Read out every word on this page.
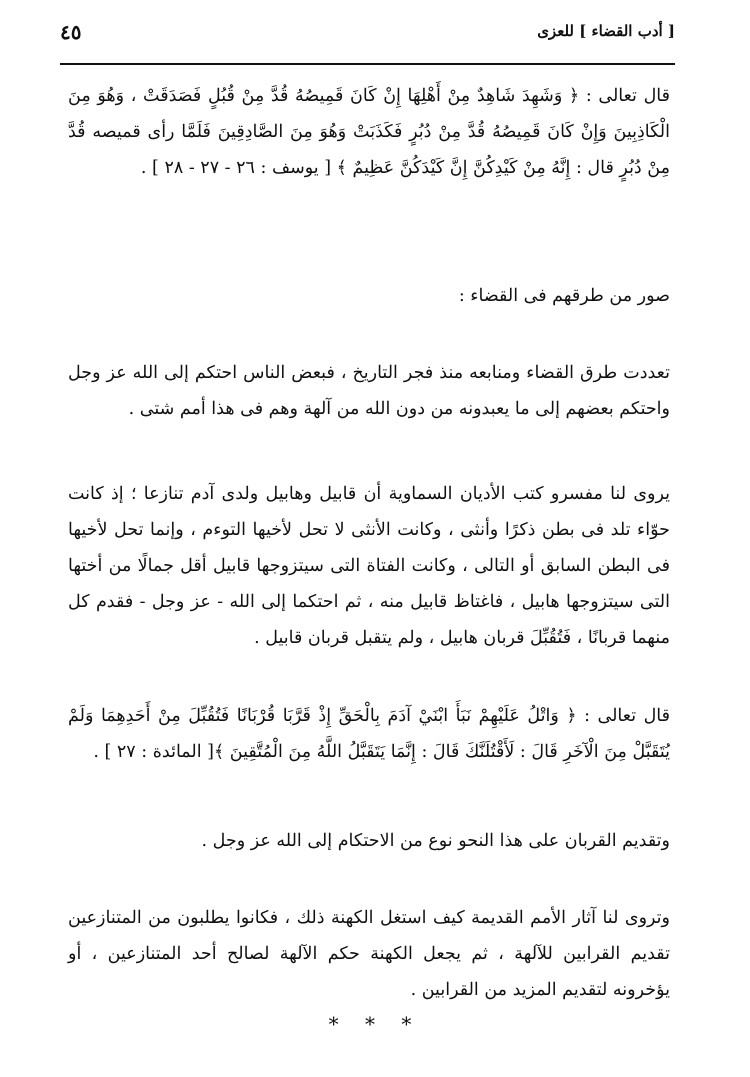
٤٥	[ أدب القضاء ] للعزى
قال تعالى : ﴿ وَشَهِدَ شَاهِدٌ مِنْ أَهْلِهَا إِنْ كَانَ قَمِيصُهُ قُدَّ مِنْ قُبُلٍ فَصَدَقَتْ ، وَهُوَ مِنَ الْكَاذِبِينَ وَإِنْ كَانَ قَمِيصُهُ قُدَّ مِنْ دُبُرٍ فَكَذَبَتْ وَهُوَ مِنَ الصَّادِقِينَ فَلَمَّا رأى قميصه قُدَّ مِنْ دُبُرٍ قال : إِنَّهُ مِنْ كَيْدِكُنَّ إِنَّ كَيْدَكُنَّ عَظِيمٌ ﴾ [ يوسف : ٢٦ - ٢٧ - ٢٨ ] .
صور من طرقهم فى القضاء :
تعددت طرق القضاء ومنابعه منذ فجر التاريخ ، فبعض الناس احتكم إلى الله عز وجل واحتكم بعضهم إلى ما يعبدونه من دون الله من آلهة وهم فى هذا أمم شتى .
يروى لنا مفسرو كتب الأديان السماوية أن قابيل وهابيل ولدى آدم تنازعا ؛ إذ كانت حوّاء تلد فى بطن ذكرًا وأنثى ، وكانت الأنثى لا تحل لأخيها التوءم ، وإنما تحل لأخيها فى البطن السابق أو التالى ، وكانت الفتاة التى سيتزوجها قابيل أقل جمالًا من أختها التى سيتزوجها هابيل ، فاغتاظ قابيل منه ، ثم احتكما إلى الله - عز وجل - فقدم كل منهما قربانًا ، فَتُقُبِّلَ قربان هابيل ، ولم يتقبل قربان قابيل .
قال تعالى : ﴿ وَاتْلُ عَلَيْهِمْ نَبَأَ ابْنَيْ آدَمَ بِالْحَقِّ إِذْ قَرَّبَا قُرْبَانًا فَتُقُبِّلَ مِنْ أَحَدِهِمَا وَلَمْ يُتَقَبَّلْ مِنَ الْآخَرِ قَالَ : لَأَقْتُلَنَّكَ قَالَ : إِنَّمَا يَتَقَبَّلُ اللَّهُ مِنَ الْمُتَّقِينَ ﴾[ المائدة : ٢٧ ] .
وتقديم القربان على هذا النحو نوع من الاحتكام إلى الله عز وجل .
وتروى لنا آثار الأمم القديمة كيف استغل الكهنة ذلك ، فكانوا يطلبون من المتنازعين تقديم القرابين للآلهة ، ثم يجعل الكهنة حكم الآلهة لصالح أحد المتنازعين ، أو يؤخرونه لتقديم المزيد من القرابين .
* * *
